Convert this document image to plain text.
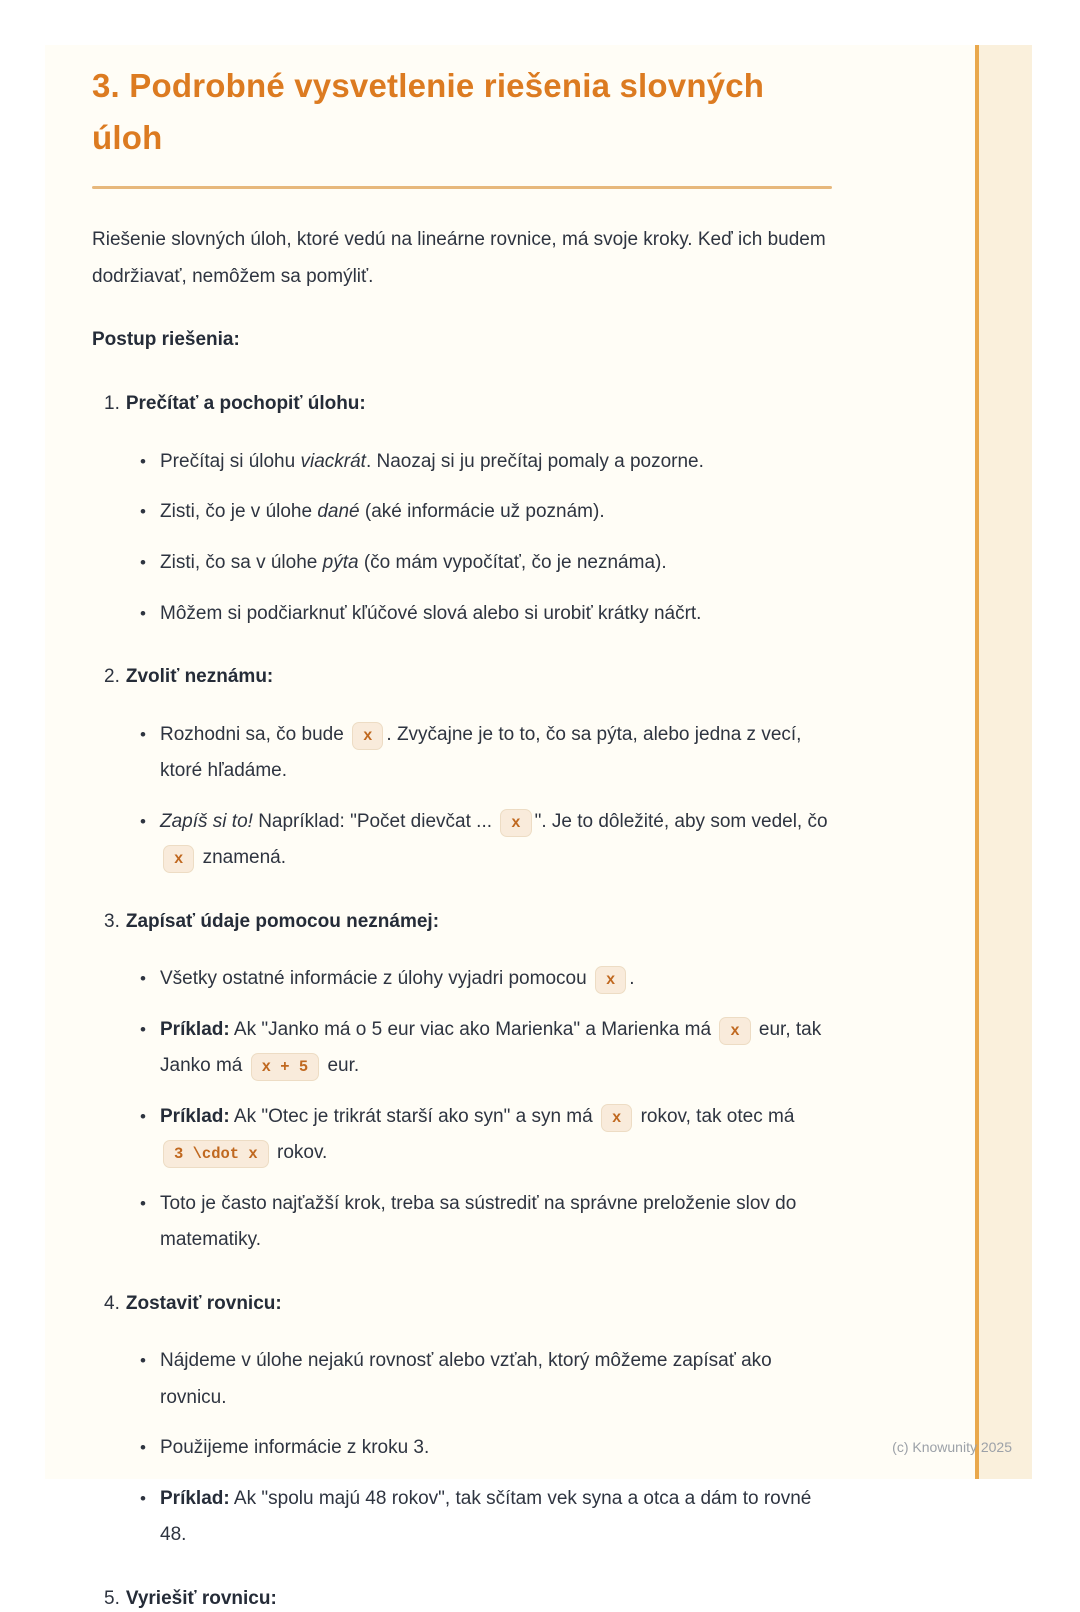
3. Podrobné vysvetlenie riešenia slovných úloh

Riešenie slovných úloh, ktoré vedú na lineárne rovnice, má svoje kroky. Keď ich budem dodržiavať, nemôžem sa pomýliť.

Postup riešenia:

1. Prečítať a pochopiť úlohu:

• Prečítaj si úlohu viackrát. Naozaj si ju prečítaj pomaly a pozorne.
• Zisti, čo je v úlohe dané (aké informácie už poznám).
• Zisti, čo sa v úlohe pýta (čo mám vypočítať, čo je neznáma).
• Môžem si podčiarknuť kľúčové slová alebo si urobiť krátky náčrt.

2. Zvoliť neznámu:

• Rozhodni sa, čo bude x . Zvyčajne je to to, čo sa pýta, alebo jedna z vecí, ktoré hľadáme.
• Zapíš si to! Napríklad: "Počet dievčat ... x ". Je to dôležité, aby som vedel, čo x znamená.

3. Zapísať údaje pomocou neznámej:

• Všetky ostatné informácie z úlohy vyjadri pomocou x .
• Príklad: Ak "Janko má o 5 eur viac ako Marienka" a Marienka má x eur, tak Janko má x + 5 eur.
• Príklad: Ak "Otec je trikrát starší ako syn" a syn má x rokov, tak otec má 3 \cdot x rokov.
• Toto je často najťažší krok, treba sa sústrediť na správne preloženie slov do matematiky.

4. Zostaviť rovnicu:

• Nájdeme v úlohe nejakú rovnosť alebo vzťah, ktorý môžeme zapísať ako rovnicu.
• Použijeme informácie z kroku 3.
• Príklad: Ak "spolu majú 48 rokov", tak sčítam vek syna a otca a dám to rovné 48.

5. Vyriešiť rovnicu:

(c) Knowunity 2025
